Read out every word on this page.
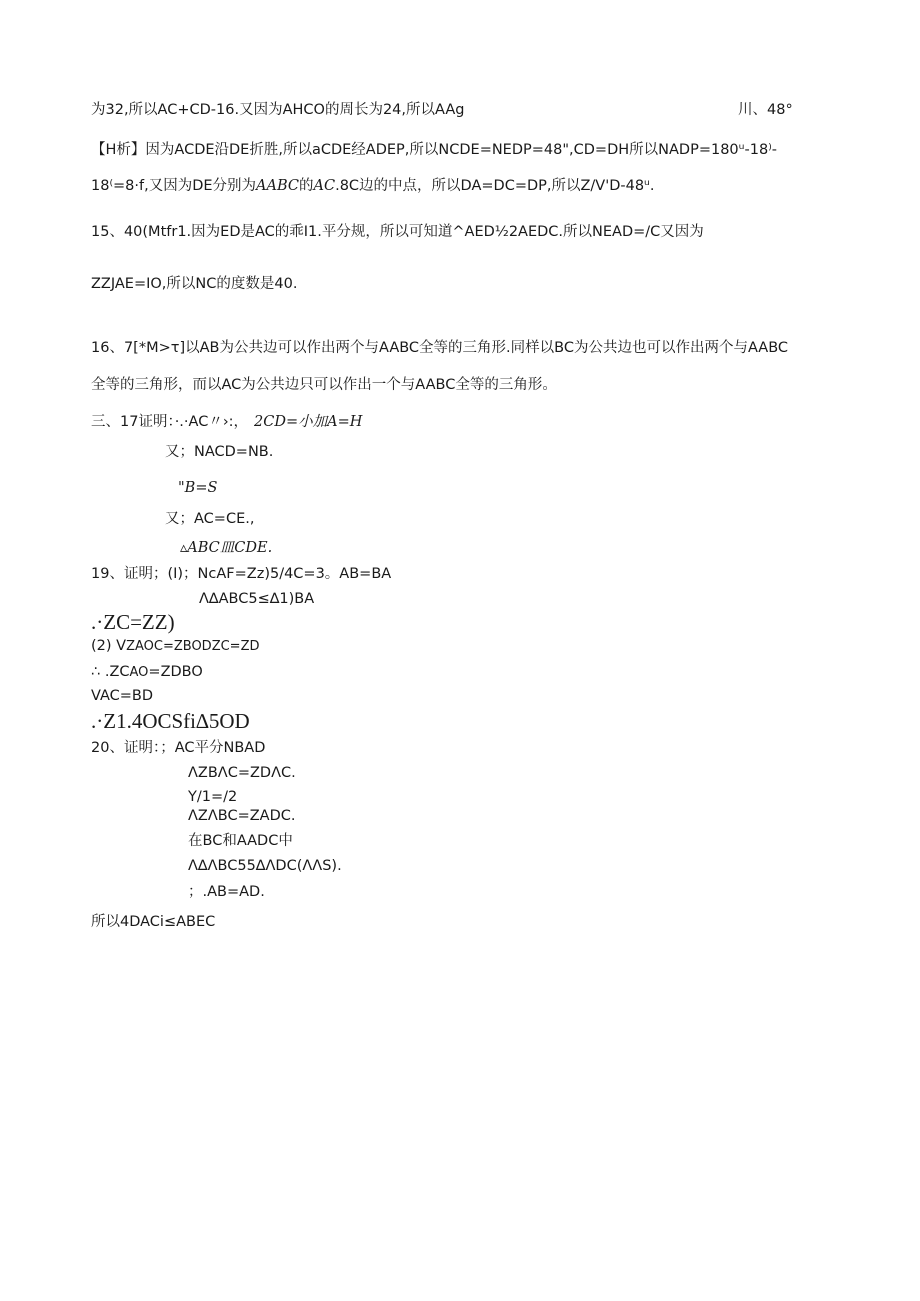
为32,所以AC+CD-16.又因为AHCO的周长为24,所以AAg	川、48°
【H析】因为ACDE沿DE折胜,所以aCDE经ADEP,所以NCDE=NEDP=48",CD=DH所以NADP=180ᵘ-18⁾-
18⁽=8·f,又因为DE分别为AABC的AC.8C边的中点，所以DA=DC=DP,所以Z/V'D-48ᵘ.
15、40(Mtfr1.因为ED是AC的乖I1.平分规，所以可知道^AED½2AEDC.所以NEAD=/C又因为
ZZJAE=IO,所以NC的度数是40.
16、7[*M>τ]以AB为公共边可以作出两个与AABC全等的三角形.同样以BC为公共边也可以作出两个与AABC
全等的三角形，而以AC为公共边只可以作出一个与AABC全等的三角形。
三、17证明：·.·AC〃›:， 2CD=小加A=H
又；NACD=NB.
"B=S
又；AC=CE.,
▵ABC皿CDE.
19、证明；(I)；NcAF=Zz)5/4C=3。AB=BA
Λ∆ABC5≤∆1)BA
.·ZC=ZZ)
(2) VZAOC=ZBODZC=ZD
∴ .ZCAO=ZDBO
VAC=BD
.·Z1.4OCSfi∆5OD
20、证明：；AC平分NBAD
ΛZBΛC=ZDΛC.
Y/1=/2
ΛZΛBC=ZADC.
在BC和AADC中
Λ∆ΛBC55∆ΛDC(ΛΛS).
；.AB=AD.
所以4DACi≤ABEC
